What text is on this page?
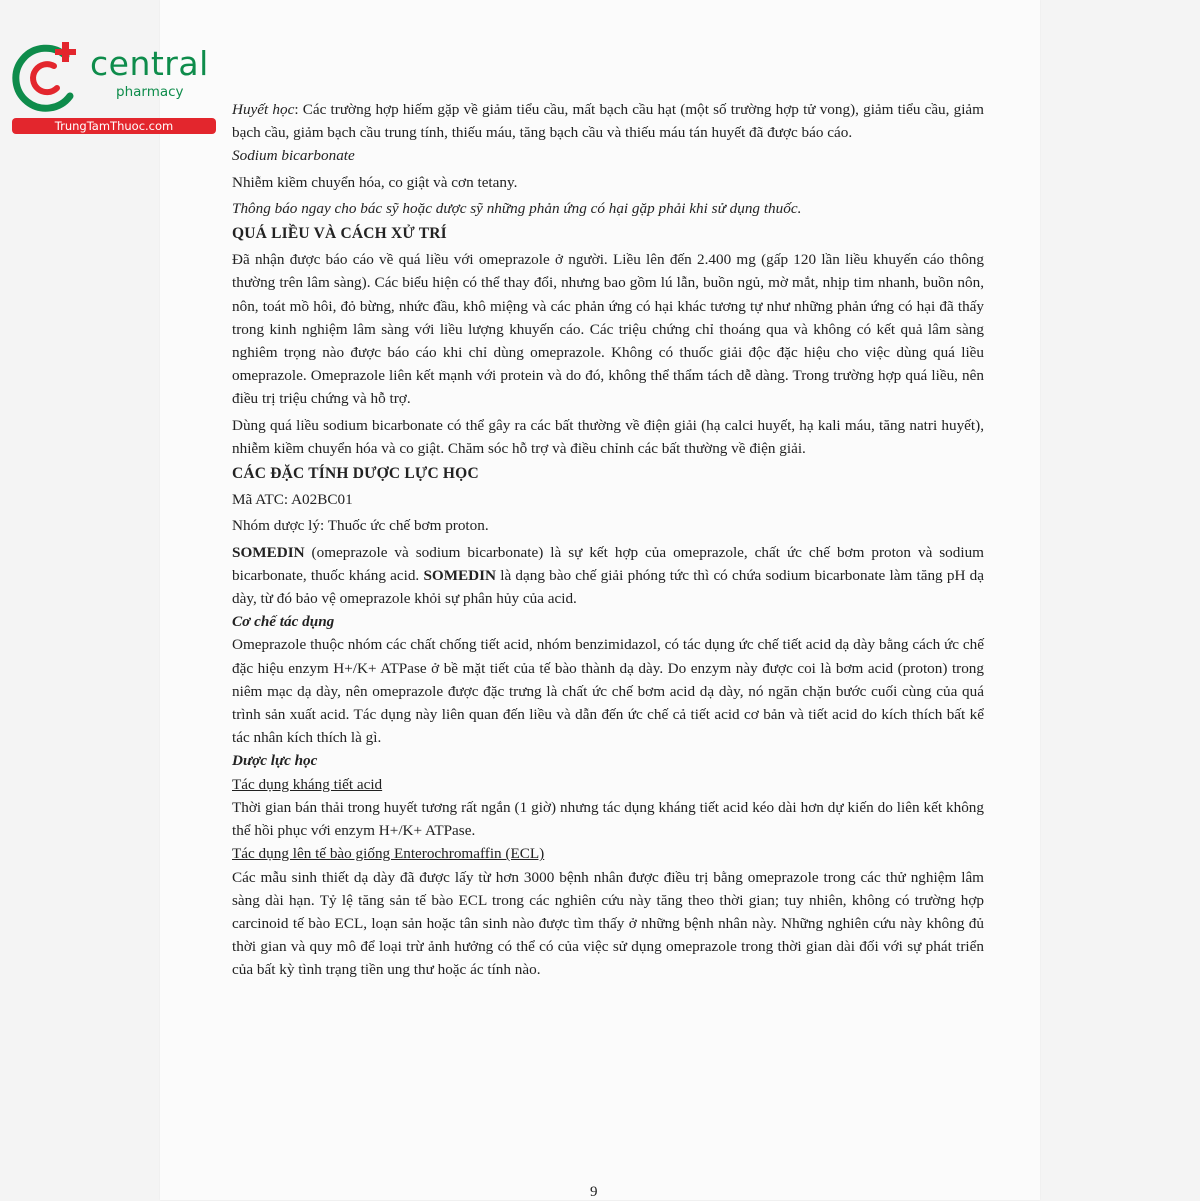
central
pharmacy
TrungTamThuoc.com

Huyết học: Các trường hợp hiếm gặp về giảm tiểu cầu, mất bạch cầu hạt (một số trường hợp tử vong), giảm tiểu cầu, giảm bạch cầu, giảm bạch cầu trung tính, thiếu máu, tăng bạch cầu và thiếu máu tán huyết đã được báo cáo.

Sodium bicarbonate

Nhiễm kiềm chuyển hóa, co giật và cơn tetany.

Thông báo ngay cho bác sỹ hoặc dược sỹ những phản ứng có hại gặp phải khi sử dụng thuốc.

QUÁ LIỀU VÀ CÁCH XỬ TRÍ

Đã nhận được báo cáo về quá liều với omeprazole ở người. Liều lên đến 2.400 mg (gấp 120 lần liều khuyến cáo thông thường trên lâm sàng). Các biểu hiện có thể thay đổi, nhưng bao gồm lú lẫn, buồn ngủ, mờ mắt, nhịp tim nhanh, buồn nôn, nôn, toát mồ hôi, đỏ bừng, nhức đầu, khô miệng và các phản ứng có hại khác tương tự như những phản ứng có hại đã thấy trong kinh nghiệm lâm sàng với liều lượng khuyến cáo. Các triệu chứng chỉ thoáng qua và không có kết quả lâm sàng nghiêm trọng nào được báo cáo khi chỉ dùng omeprazole. Không có thuốc giải độc đặc hiệu cho việc dùng quá liều omeprazole. Omeprazole liên kết mạnh với protein và do đó, không thể thẩm tách dễ dàng. Trong trường hợp quá liều, nên điều trị triệu chứng và hỗ trợ.

Dùng quá liều sodium bicarbonate có thể gây ra các bất thường về điện giải (hạ calci huyết, hạ kali máu, tăng natri huyết), nhiễm kiềm chuyển hóa và co giật. Chăm sóc hỗ trợ và điều chỉnh các bất thường về điện giải.

CÁC ĐẶC TÍNH DƯỢC LỰC HỌC

Mã ATC: A02BC01

Nhóm dược lý: Thuốc ức chế bơm proton.

SOMEDIN (omeprazole và sodium bicarbonate) là sự kết hợp của omeprazole, chất ức chế bơm proton và sodium bicarbonate, thuốc kháng acid. SOMEDIN là dạng bào chế giải phóng tức thì có chứa sodium bicarbonate làm tăng pH dạ dày, từ đó bảo vệ omeprazole khỏi sự phân hủy của acid.

Cơ chế tác dụng

Omeprazole thuộc nhóm các chất chống tiết acid, nhóm benzimidazol, có tác dụng ức chế tiết acid dạ dày bằng cách ức chế đặc hiệu enzym H+/K+ ATPase ở bề mặt tiết của tế bào thành dạ dày. Do enzym này được coi là bơm acid (proton) trong niêm mạc dạ dày, nên omeprazole được đặc trưng là chất ức chế bơm acid dạ dày, nó ngăn chặn bước cuối cùng của quá trình sản xuất acid. Tác dụng này liên quan đến liều và dẫn đến ức chế cả tiết acid cơ bản và tiết acid do kích thích bất kể tác nhân kích thích là gì.

Dược lực học

Tác dụng kháng tiết acid

Thời gian bán thải trong huyết tương rất ngắn (1 giờ) nhưng tác dụng kháng tiết acid kéo dài hơn dự kiến do liên kết không thể hồi phục với enzym H+/K+ ATPase.

Tác dụng lên tế bào giống Enterochromaffin (ECL)

Các mẫu sinh thiết dạ dày đã được lấy từ hơn 3000 bệnh nhân được điều trị bằng omeprazole trong các thử nghiệm lâm sàng dài hạn. Tỷ lệ tăng sản tế bào ECL trong các nghiên cứu này tăng theo thời gian; tuy nhiên, không có trường hợp carcinoid tế bào ECL, loạn sản hoặc tân sinh nào được tìm thấy ở những bệnh nhân này. Những nghiên cứu này không đủ thời gian và quy mô để loại trừ ảnh hưởng có thể có của việc sử dụng omeprazole trong thời gian dài đối với sự phát triển của bất kỳ tình trạng tiền ung thư hoặc ác tính nào.

9
